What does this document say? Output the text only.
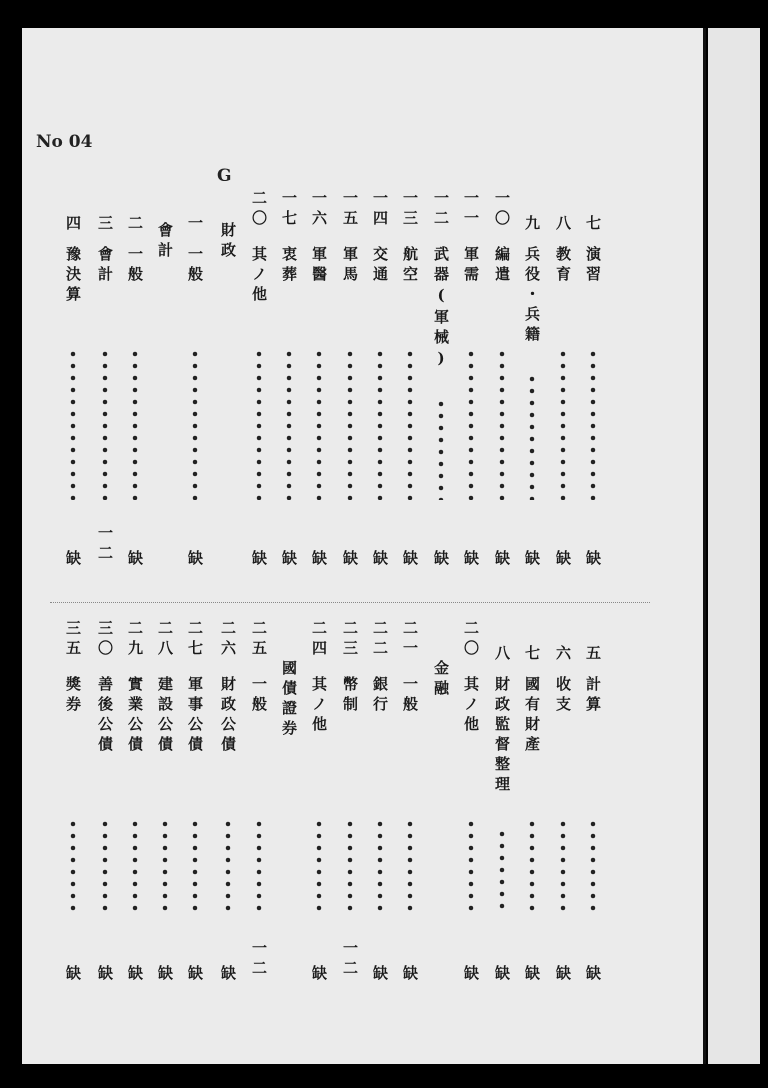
No 04
G
七
演習
缺
八
教育
缺
九
兵役・兵籍
缺
一〇
編遣
缺
一一
軍需
缺
一二
武器(軍械)
缺
一三
航空
缺
一四
交通
缺
一五
軍馬
缺
一六
軍醫
缺
一七
衷葬
缺
二〇
其ノ他
缺
財政
一
一般
缺
會計
二
一般
缺
三
會計
一二
四
豫決算
缺
五
計算
缺
六
收支
缺
七
國有財產
缺
八
財政監督整理
缺
二〇
其ノ他
缺
金融
二一
一般
缺
二二
銀行
缺
二三
幣制
一二
二四
其ノ他
缺
國債證券
二五
一般
一二
二六
財政公債
缺
二七
軍事公債
缺
二八
建設公債
缺
二九
實業公債
缺
三〇
善後公債
缺
三五
獎券
缺
